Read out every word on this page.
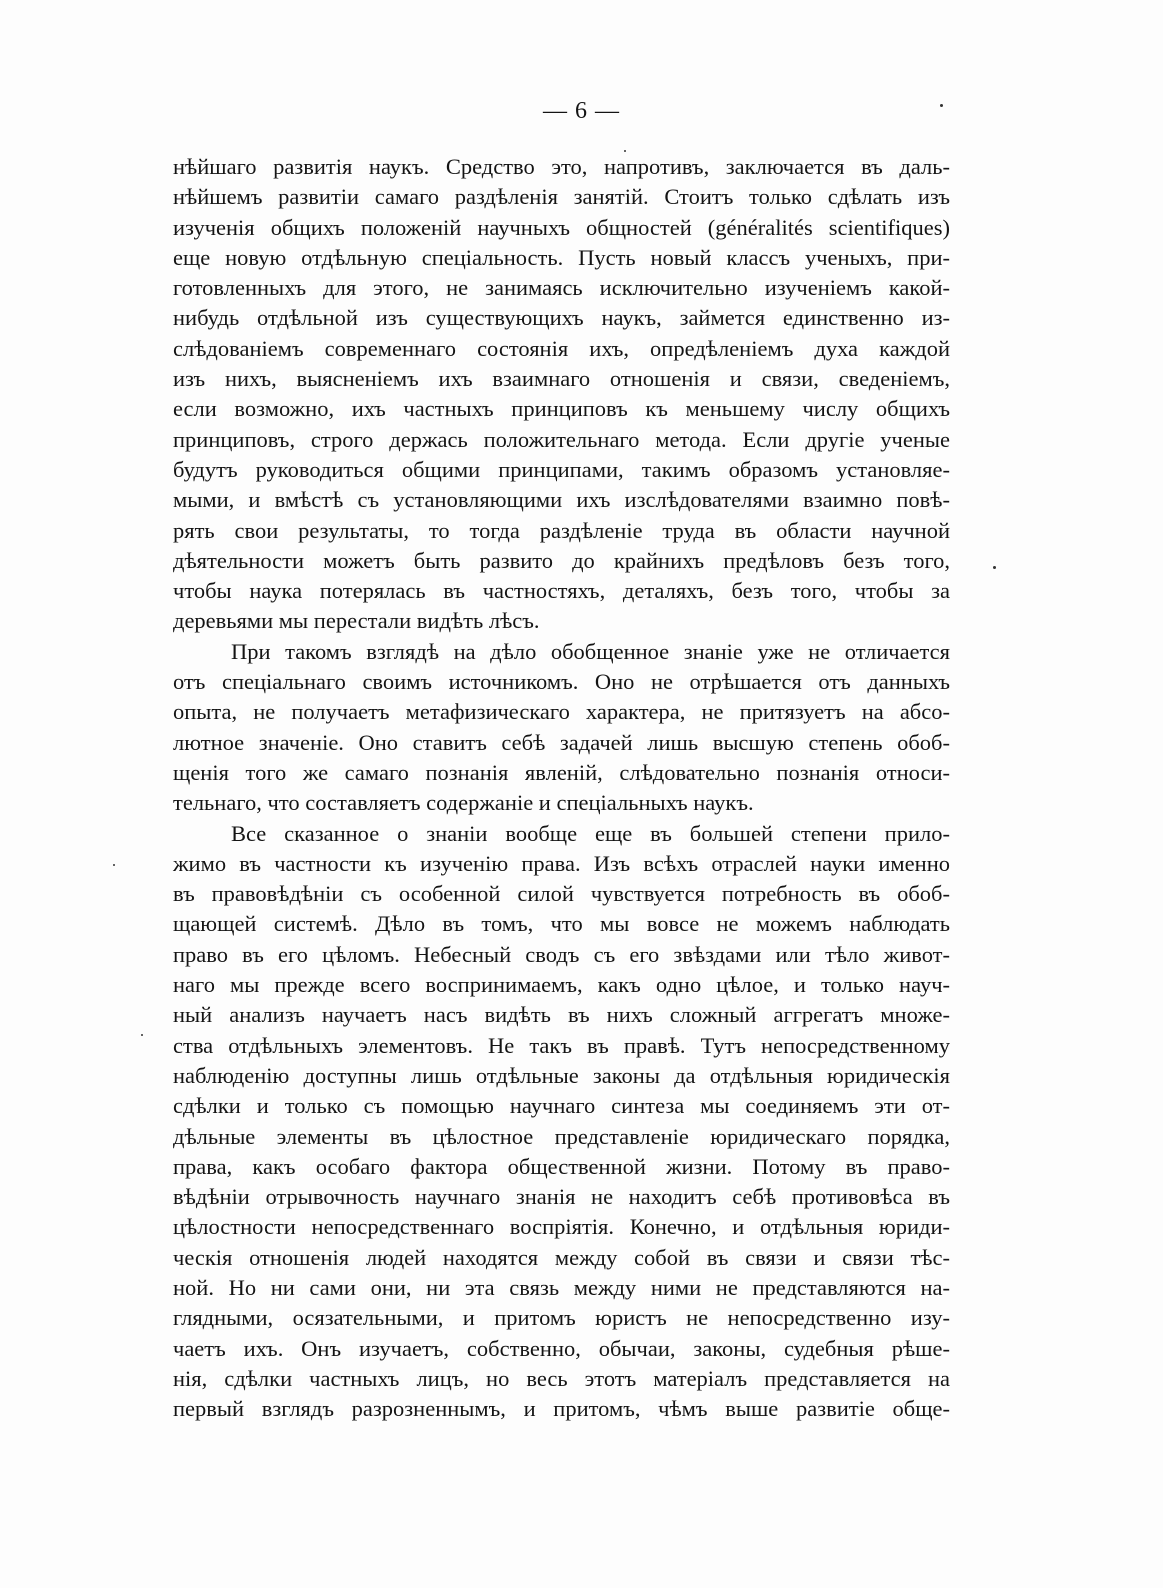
— 6 —
нѣйшаго развитія наукъ. Средство это, напротивъ, заключается въ даль-
нѣйшемъ развитіи самаго раздѣленія занятій. Стоитъ только сдѣлать изъ
изученія общихъ положеній научныхъ общностей (généralités scientifiques)
еще новую отдѣльную спеціальность. Пусть новый классъ ученыхъ, при-
готовленныхъ для этого, не занимаясь исключительно изученіемъ какой-
нибудь отдѣльной изъ существующихъ наукъ, займется единственно из-
слѣдованіемъ современнаго состоянія ихъ, опредѣленіемъ духа каждой
изъ нихъ, выясненіемъ ихъ взаимнаго отношенія и связи, сведеніемъ,
если возможно, ихъ частныхъ принциповъ къ меньшему числу общихъ
принциповъ, строго держась положительнаго метода. Если другіе ученые
будутъ руководиться общими принципами, такимъ образомъ установляе-
мыми, и вмѣстѣ съ установляющими ихъ изслѣдователями взаимно повѣ-
рять свои результаты, то тогда раздѣленіе труда въ области научной
дѣятельности можетъ быть развито до крайнихъ предѣловъ безъ того,
чтобы наука потерялась въ частностяхъ, деталяхъ, безъ того, чтобы за
деревьями мы перестали видѣть лѣсъ.
При такомъ взглядѣ на дѣло обобщенное знаніе уже не отличается
отъ спеціальнаго своимъ источникомъ. Оно не отрѣшается отъ данныхъ
опыта, не получаетъ метафизическаго характера, не притязуетъ на абсо-
лютное значеніе. Оно ставитъ себѣ задачей лишь высшую степень обоб-
щенія того же самаго познанія явленій, слѣдовательно познанія относи-
тельнаго, что составляетъ содержаніе и спеціальныхъ наукъ.
Все сказанное о знаніи вообще еще въ большей степени прило-
жимо въ частности къ изученію права. Изъ всѣхъ отраслей науки именно
въ правовѣдѣніи съ особенной силой чувствуется потребность въ обоб-
щающей системѣ. Дѣло въ томъ, что мы вовсе не можемъ наблюдать
право въ его цѣломъ. Небесный сводъ съ его звѣздами или тѣло живот-
наго мы прежде всего воспринимаемъ, какъ одно цѣлое, и только науч-
ный анализъ научаетъ насъ видѣть въ нихъ сложный аггрегатъ множе-
ства отдѣльныхъ элементовъ. Не такъ въ правѣ. Тутъ непосредственному
наблюденію доступны лишь отдѣльные законы да отдѣльныя юридическія
сдѣлки и только съ помощью научнаго синтеза мы соединяемъ эти от-
дѣльные элементы въ цѣлостное представленіе юридическаго порядка,
права, какъ особаго фактора общественной жизни. Потому въ право-
вѣдѣніи отрывочность научнаго знанія не находитъ себѣ противовѣса въ
цѣлостности непосредственнаго воспріятія. Конечно, и отдѣльныя юриди-
ческія отношенія людей находятся между собой въ связи и связи тѣс-
ной. Но ни сами они, ни эта связь между ними не представляются на-
глядными, осязательными, и притомъ юристъ не непосредственно изу-
чаетъ ихъ. Онъ изучаетъ, собственно, обычаи, законы, судебныя рѣше-
нія, сдѣлки частныхъ лицъ, но весь этотъ матеріалъ представляется на
первый взглядъ разрозненнымъ, и притомъ, чѣмъ выше развитіе обще-
